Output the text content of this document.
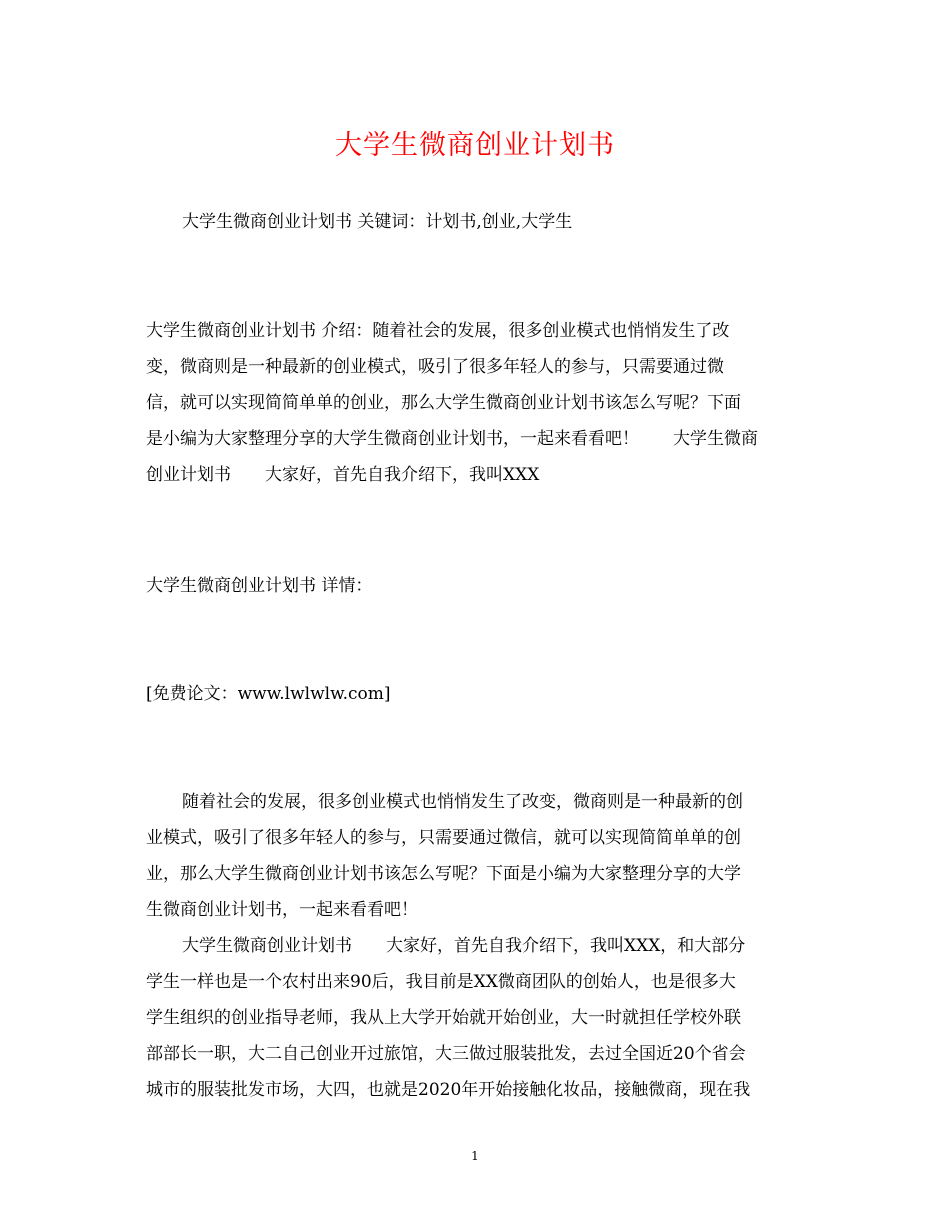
大学生微商创业计划书

大学生微商创业计划书 关键词：计划书,创业,大学生

大学生微商创业计划书 介绍：随着社会的发展，很多创业模式也悄悄发生了改
变，微商则是一种最新的创业模式，吸引了很多年轻人的参与，只需要通过微
信，就可以实现简简单单的创业，那么大学生微商创业计划书该怎么写呢？下面
是小编为大家整理分享的大学生微商创业计划书，一起来看看吧！　　大学生微商
创业计划书　　大家好，首先自我介绍下，我叫XXX

大学生微商创业计划书 详情：

[免费论文：www.lwlwlw.com]

随着社会的发展，很多创业模式也悄悄发生了改变，微商则是一种最新的创
业模式，吸引了很多年轻人的参与，只需要通过微信，就可以实现简简单单的创
业，那么大学生微商创业计划书该怎么写呢？下面是小编为大家整理分享的大学
生微商创业计划书，一起来看看吧！

大学生微商创业计划书　　大家好，首先自我介绍下，我叫XXX，和大部分
学生一样也是一个农村出来90后，我目前是XX微商团队的创始人，也是很多大
学生组织的创业指导老师，我从上大学开始就开始创业，大一时就担任学校外联
部部长一职，大二自己创业开过旅馆，大三做过服装批发，去过全国近20个省会
城市的服装批发市场，大四，也就是2020年开始接触化妆品，接触微商，现在我

1
